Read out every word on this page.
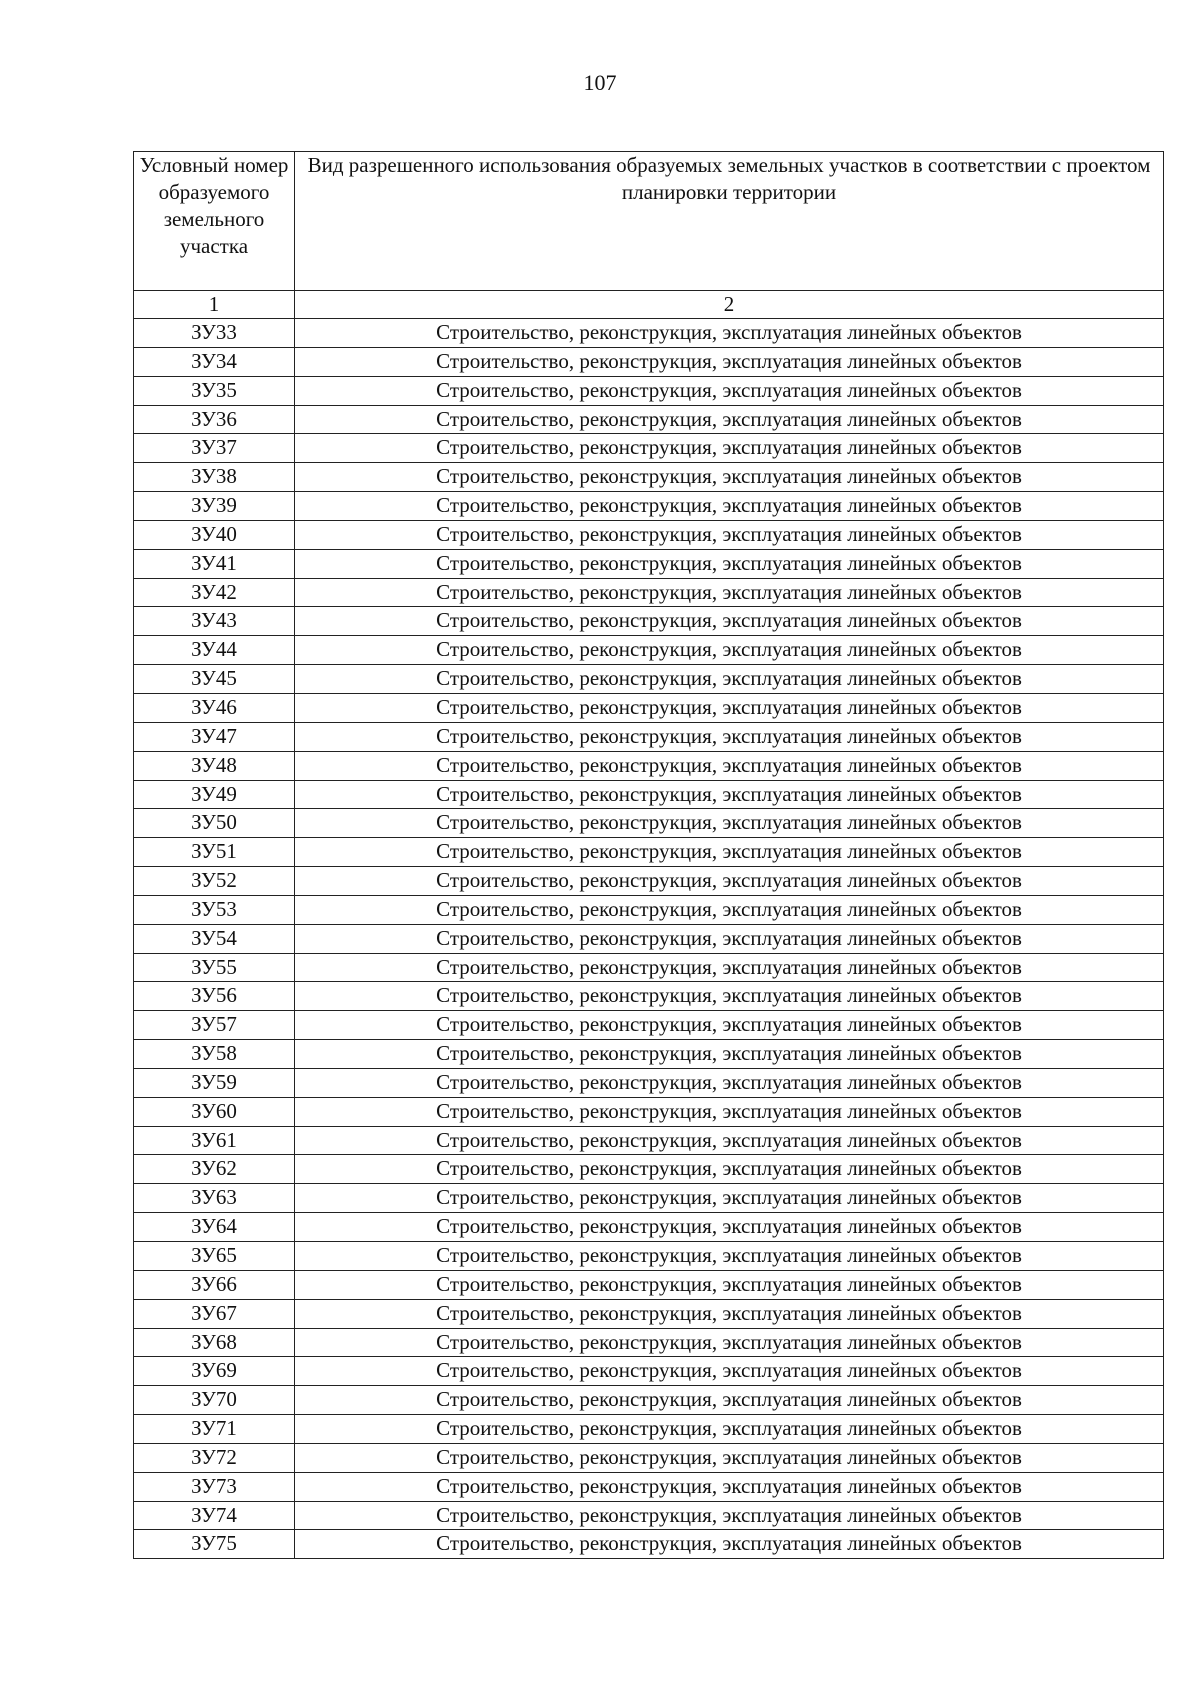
107
Условный номер образуемого земельного участка	Вид разрешенного использования образуемых земельных участков в соответствии с проектом планировки территории
1	2
ЗУ33	Строительство, реконструкция, эксплуатация линейных объектов
ЗУ34	Строительство, реконструкция, эксплуатация линейных объектов
ЗУ35	Строительство, реконструкция, эксплуатация линейных объектов
ЗУ36	Строительство, реконструкция, эксплуатация линейных объектов
ЗУ37	Строительство, реконструкция, эксплуатация линейных объектов
ЗУ38	Строительство, реконструкция, эксплуатация линейных объектов
ЗУ39	Строительство, реконструкция, эксплуатация линейных объектов
ЗУ40	Строительство, реконструкция, эксплуатация линейных объектов
ЗУ41	Строительство, реконструкция, эксплуатация линейных объектов
ЗУ42	Строительство, реконструкция, эксплуатация линейных объектов
ЗУ43	Строительство, реконструкция, эксплуатация линейных объектов
ЗУ44	Строительство, реконструкция, эксплуатация линейных объектов
ЗУ45	Строительство, реконструкция, эксплуатация линейных объектов
ЗУ46	Строительство, реконструкция, эксплуатация линейных объектов
ЗУ47	Строительство, реконструкция, эксплуатация линейных объектов
ЗУ48	Строительство, реконструкция, эксплуатация линейных объектов
ЗУ49	Строительство, реконструкция, эксплуатация линейных объектов
ЗУ50	Строительство, реконструкция, эксплуатация линейных объектов
ЗУ51	Строительство, реконструкция, эксплуатация линейных объектов
ЗУ52	Строительство, реконструкция, эксплуатация линейных объектов
ЗУ53	Строительство, реконструкция, эксплуатация линейных объектов
ЗУ54	Строительство, реконструкция, эксплуатация линейных объектов
ЗУ55	Строительство, реконструкция, эксплуатация линейных объектов
ЗУ56	Строительство, реконструкция, эксплуатация линейных объектов
ЗУ57	Строительство, реконструкция, эксплуатация линейных объектов
ЗУ58	Строительство, реконструкция, эксплуатация линейных объектов
ЗУ59	Строительство, реконструкция, эксплуатация линейных объектов
ЗУ60	Строительство, реконструкция, эксплуатация линейных объектов
ЗУ61	Строительство, реконструкция, эксплуатация линейных объектов
ЗУ62	Строительство, реконструкция, эксплуатация линейных объектов
ЗУ63	Строительство, реконструкция, эксплуатация линейных объектов
ЗУ64	Строительство, реконструкция, эксплуатация линейных объектов
ЗУ65	Строительство, реконструкция, эксплуатация линейных объектов
ЗУ66	Строительство, реконструкция, эксплуатация линейных объектов
ЗУ67	Строительство, реконструкция, эксплуатация линейных объектов
ЗУ68	Строительство, реконструкция, эксплуатация линейных объектов
ЗУ69	Строительство, реконструкция, эксплуатация линейных объектов
ЗУ70	Строительство, реконструкция, эксплуатация линейных объектов
ЗУ71	Строительство, реконструкция, эксплуатация линейных объектов
ЗУ72	Строительство, реконструкция, эксплуатация линейных объектов
ЗУ73	Строительство, реконструкция, эксплуатация линейных объектов
ЗУ74	Строительство, реконструкция, эксплуатация линейных объектов
ЗУ75	Строительство, реконструкция, эксплуатация линейных объектов
